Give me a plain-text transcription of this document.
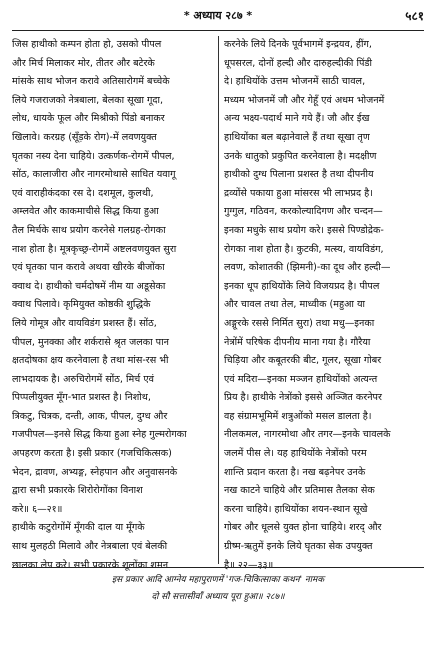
* अध्याय २८७ *	५८१
जिस हाथीको कम्पन होता हो, उसको पीपल
और मिर्च मिलाकर मोर, तीतर और बटेरके
मांसके साथ भोजन करावे अतिसारोगमें बच्चेके
लिये गजराजको नेत्रबाला, बेलका सूखा गूदा,
लोध, धायके फूल और मिश्रीको पिंडो बनाकर
खिलावे। करग्रह (सूँड़के रोग)-में लवणयुक्त
घृतका नस्य देना चाहिये। उत्कर्णक-रोगमें पीपल,
सोंठ, कालाजीरा और नागरमोथासे साधित यवागू
एवं वाराहीकंदका रस दे। दशमूल, कुलथी,
अम्लवेत और काकमाचीसे सिद्ध किया हुआ
तैल मिर्चके साथ प्रयोग करनेसे गलग्रह-रोगका
नाश होता है। मूत्रकृच्छ्र-रोगमें अष्टलवणयुक्त सुरा
एवं घृतका पान करावे अथवा खीरके बीजोंका
क्वाथ दे। हाथीको चर्मदोषमें नीम या अडूसेका
क्वाथ पिलावे। कृमियुक्त कोष्ठकी शुद्धिके
लिये गोमूत्र और वायविडंग प्रशस्त हैं। सोंठ,
पीपल, मुनक्का और शर्करासे श्रृत जलका पान
क्षतदोषका क्षय करनेवाला है तथा मांस-रस भी
लाभदायक है। अरुचिरोगमें सोंठ, मिर्च एवं
पिप्पलीयुक्त मूँग-भात प्रशस्त है। निशोथ,
त्रिकटु, चित्रक, दन्ती, आक, पीपल, दुग्ध और
गजपीपल—इनसे सिद्ध किया हुआ स्नेह गुल्मरोगका
अपहरण करता है। इसी प्रकार (गजचिकित्सक)
भेदन, द्रावण, अभ्यङ्ग, स्नेहपान और अनुवासनके
द्वारा सभी प्रकारके शिरोरोगोंका विनाश
करे॥ ६—२१॥
हाथीके कटुरोगोंमें मूँगकी दाल या मूँगके
साथ मुलहठी मिलावे और नेत्रबाला एवं बेलकी
छालका लेप करे। सभी प्रकारके शूलोंका शमन
करनेके लिये दिनके पूर्वभागमें इन्द्रयव, हींग,
धूपसरल, दोनों हल्दी और दारुहल्दीकी पिंडी
दे। हाथियोंके उत्तम भोजनमें साठी चावल,
मध्यम भोजनमें जौ और गेहूँ एवं अधम भोजनमें
अन्य भक्ष्य-पदार्थ माने गये हैं। जौ और ईख
हाथियोंका बल बढ़ानेवाले हैं तथा सूखा तृण
उनके धातुको प्रकुपित करनेवाला है। मदक्षीण
हाथीको दुग्ध पिलाना प्रशस्त है तथा दीपनीय
द्रव्योंसे पकाया हुआ मांसरस भी लाभप्रद है।
गुग्गुल, गठिवन, करकोल्यादिगण और चन्दन—
इनका मधुके साथ प्रयोग करे। इससे पिण्डोद्रेक-
रोगका नाश होता है। कुटकी, मत्स्य, वायविडंग,
लवण, कोशातकी (झिमनी)-का दूध और हल्दी—
इनका धूप हाथियोंके लिये विजयप्रद है। पीपल
और चावल तथा तेल, माध्वीक (महुआ या
अङ्गूरके रससे निर्मित सुरा) तथा मधु—इनका
नेत्रोंमें परिषेक दीपनीय माना गया है। गौरैया
चिड़िया और कबूतरकी बीट, गूलर, सूखा गोबर
एवं मदिरा—इनका मञ्जन हाथियोंको अत्यन्त
प्रिय है। हाथीके नेत्रोंको इससे अञ्जित करनेपर
वह संग्रामभूमिमें शत्रुओंको मसल डालता है।
नीलकमल, नागरमोथा और तगर—इनके चावलके
जलमें पीस ले। यह हाथियोंके नेत्रोंको परम
शान्ति प्रदान करता है। नख बढ़नेपर उनके
नख काटने चाहिये और प्रतिमास तैलका सेक
करना चाहिये। हाथियोंका शयन-स्थान सूखे
गोबर और धूलसे युक्त होना चाहिये। शरद् और
ग्रीष्म-ऋतुमें इनके लिये घृतका सेक उपयुक्त
है॥ २२—३३॥
इस प्रकार आदि आग्नेय महापुराणमें 'गज-चिकित्साका कथन' नामक
दो सौ सत्तासीवाँ अध्याय पूरा हुआ॥ २८७॥
